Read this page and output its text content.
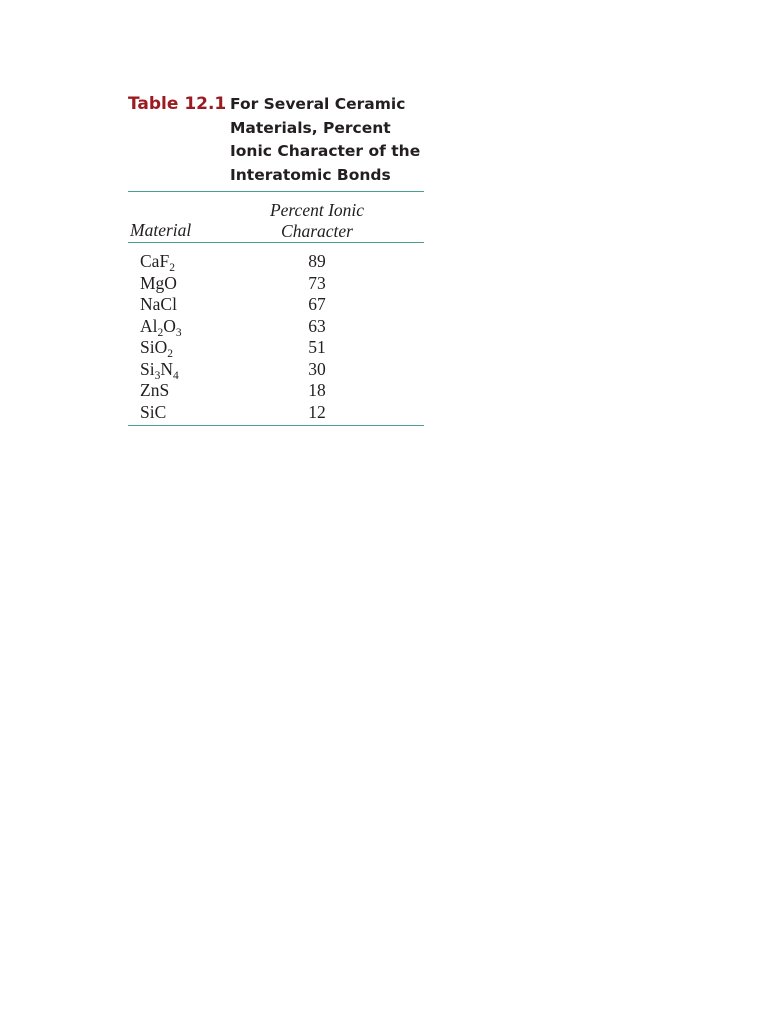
Table 12.1 For Several Ceramic
Materials, Percent
Ionic Character of the
Interatomic Bonds
Material
Percent Ionic
Character
CaF$_2$	89
MgO	73
NaCl	67
$Al_2O_3$	63
SiO$_2$	51
$Si_3N_4$	30
ZnS	18
SiC	12
